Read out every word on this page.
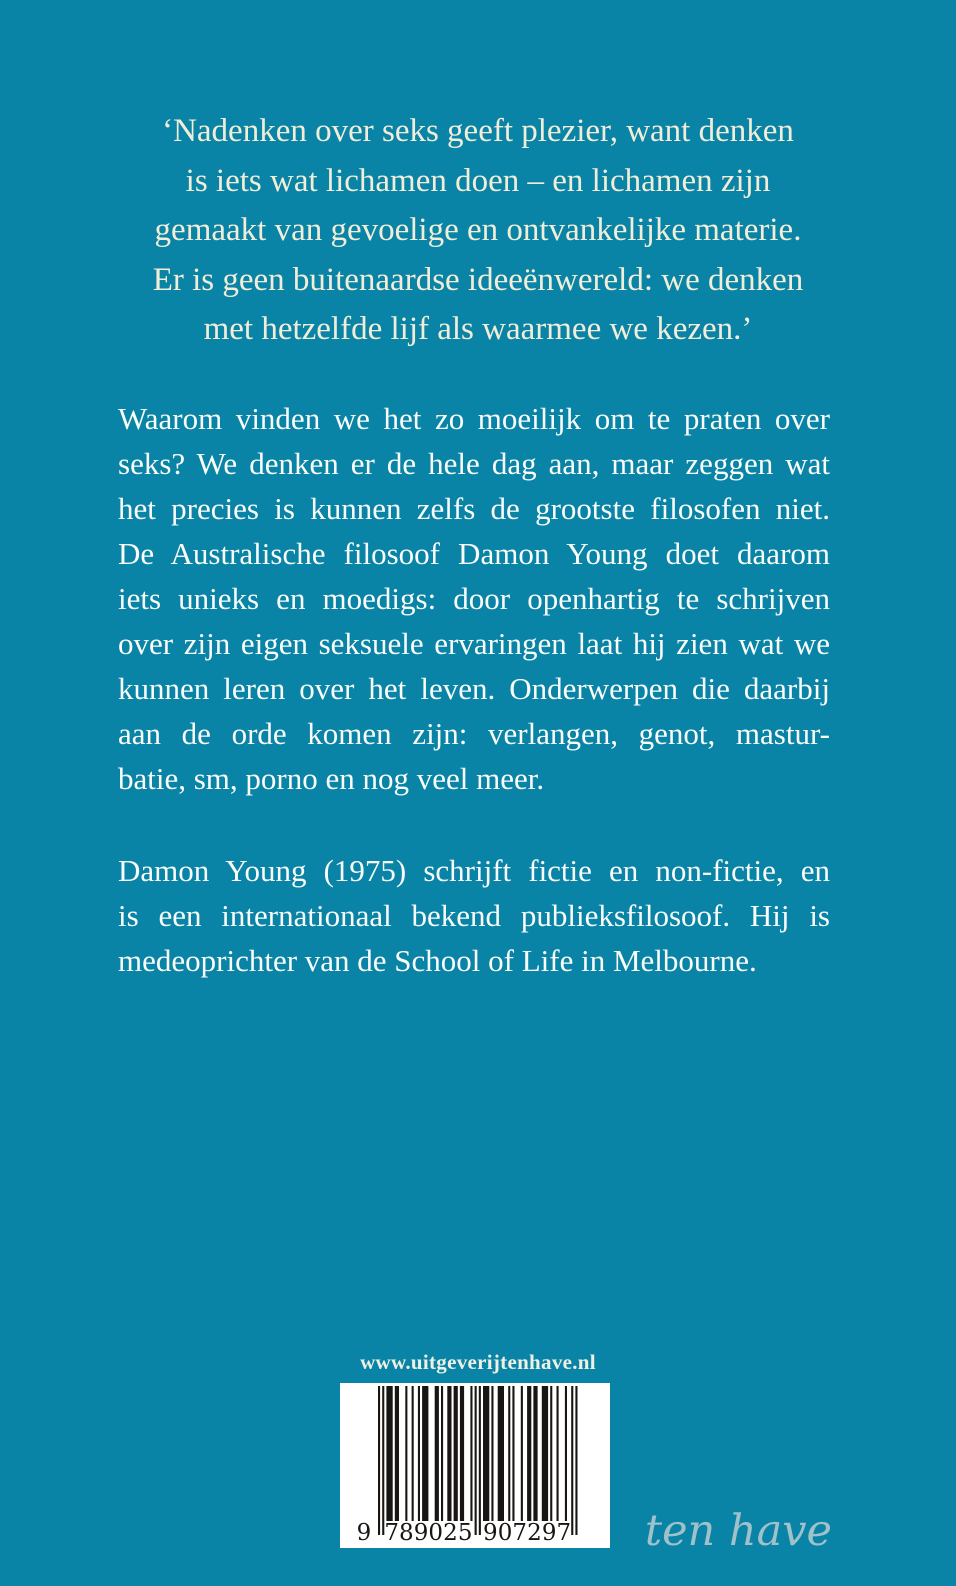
‘Nadenken over seks geeft plezier, want denken
is iets wat lichamen doen – en lichamen zijn
gemaakt van gevoelige en ontvankelijke materie.
Er is geen buitenaardse ideeënwereld: we denken
met hetzelfde lijf als waarmee we kezen.’
Waarom vinden we het zo moeilijk om te praten over
seks? We denken er de hele dag aan, maar zeggen wat
het precies is kunnen zelfs de grootste filosofen niet.
De Australische filosoof Damon Young doet daarom
iets unieks en moedigs: door openhartig te schrijven
over zijn eigen seksuele ervaringen laat hij zien wat we
kunnen leren over het leven. Onderwerpen die daarbij
aan de orde komen zijn: verlangen, genot, mastur-
batie, sm, porno en nog veel meer.
Damon Young (1975) schrijft fictie en non-fictie, en
is een internationaal bekend publieksfilosoof. Hij is
medeoprichter van de School of Life in Melbourne.
www.uitgeverijtenhave.nl
9 7 8 9 0 2 5 9 0 7 2 9 7 ten have
